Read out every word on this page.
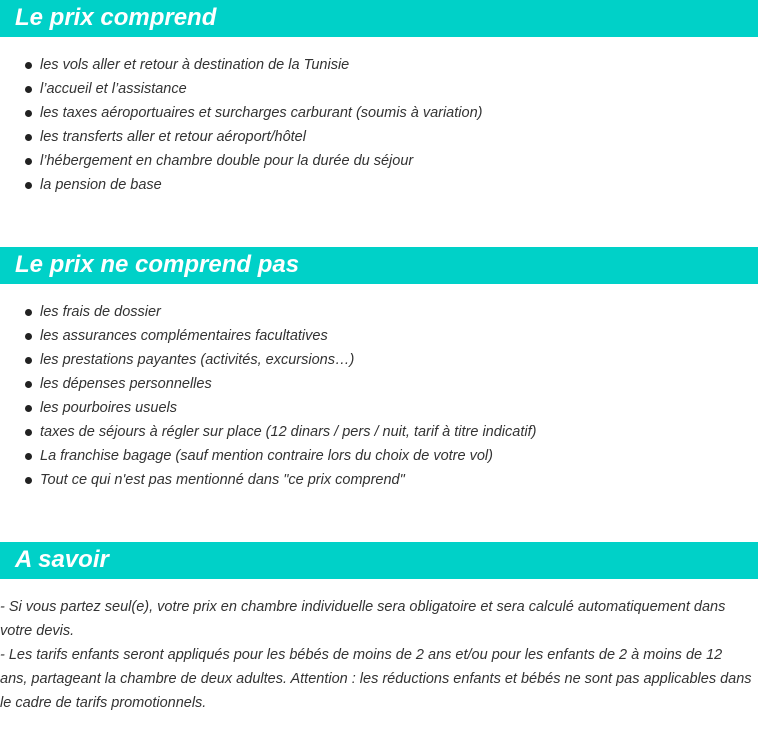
Le prix comprend
les vols aller et retour à destination de la Tunisie
l’accueil et l’assistance
les taxes aéroportuaires et surcharges carburant (soumis à variation)
les transferts aller et retour aéroport/hôtel
l’hébergement en chambre double pour la durée du séjour
la pension de base
Le prix ne comprend pas
les frais de dossier
les assurances complémentaires facultatives
les prestations payantes (activités, excursions…)
les dépenses personnelles
les pourboires usuels
taxes de séjours à régler sur place (12 dinars / pers / nuit, tarif à titre indicatif)
La franchise bagage (sauf mention contraire lors du choix de votre vol)
Tout ce qui n'est pas mentionné dans "ce prix comprend"
A savoir

- Si vous partez seul(e), votre prix en chambre individuelle sera obligatoire et sera calculé automatiquement dans votre devis.

- Les tarifs enfants seront appliqués pour les bébés de moins de 2 ans et/ou pour les enfants de 2 à moins de 12 ans, partageant la chambre de deux adultes. Attention : les réductions enfants et bébés ne sont pas applicables dans le cadre de tarifs promotionnels.
